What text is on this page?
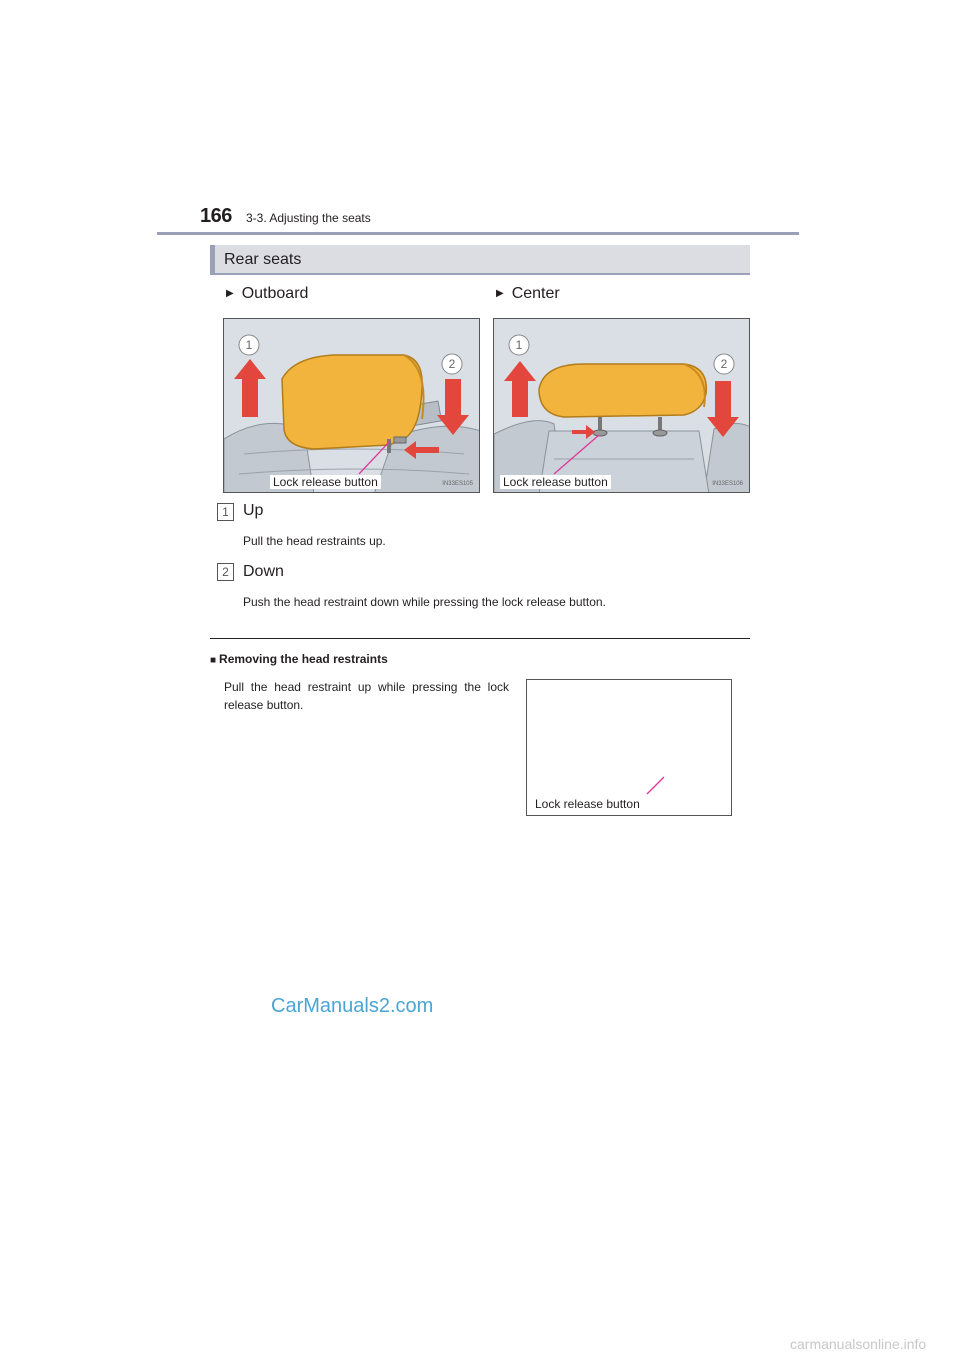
166 3-3. Adjusting the seats
Rear seats
▶ Outboard	▶ Center
1
2
Lock release button	IN33ES105
1
2
Lock release button	IN33ES106
1 Up
Pull the head restraints up.
2 Down
Push the head restraint down while pressing the lock release button.
■ Removing the head restraints
Pull the head restraint up while pressing the lock release button.
Lock release button
CarManuals2.com
carmanualsonline.info
